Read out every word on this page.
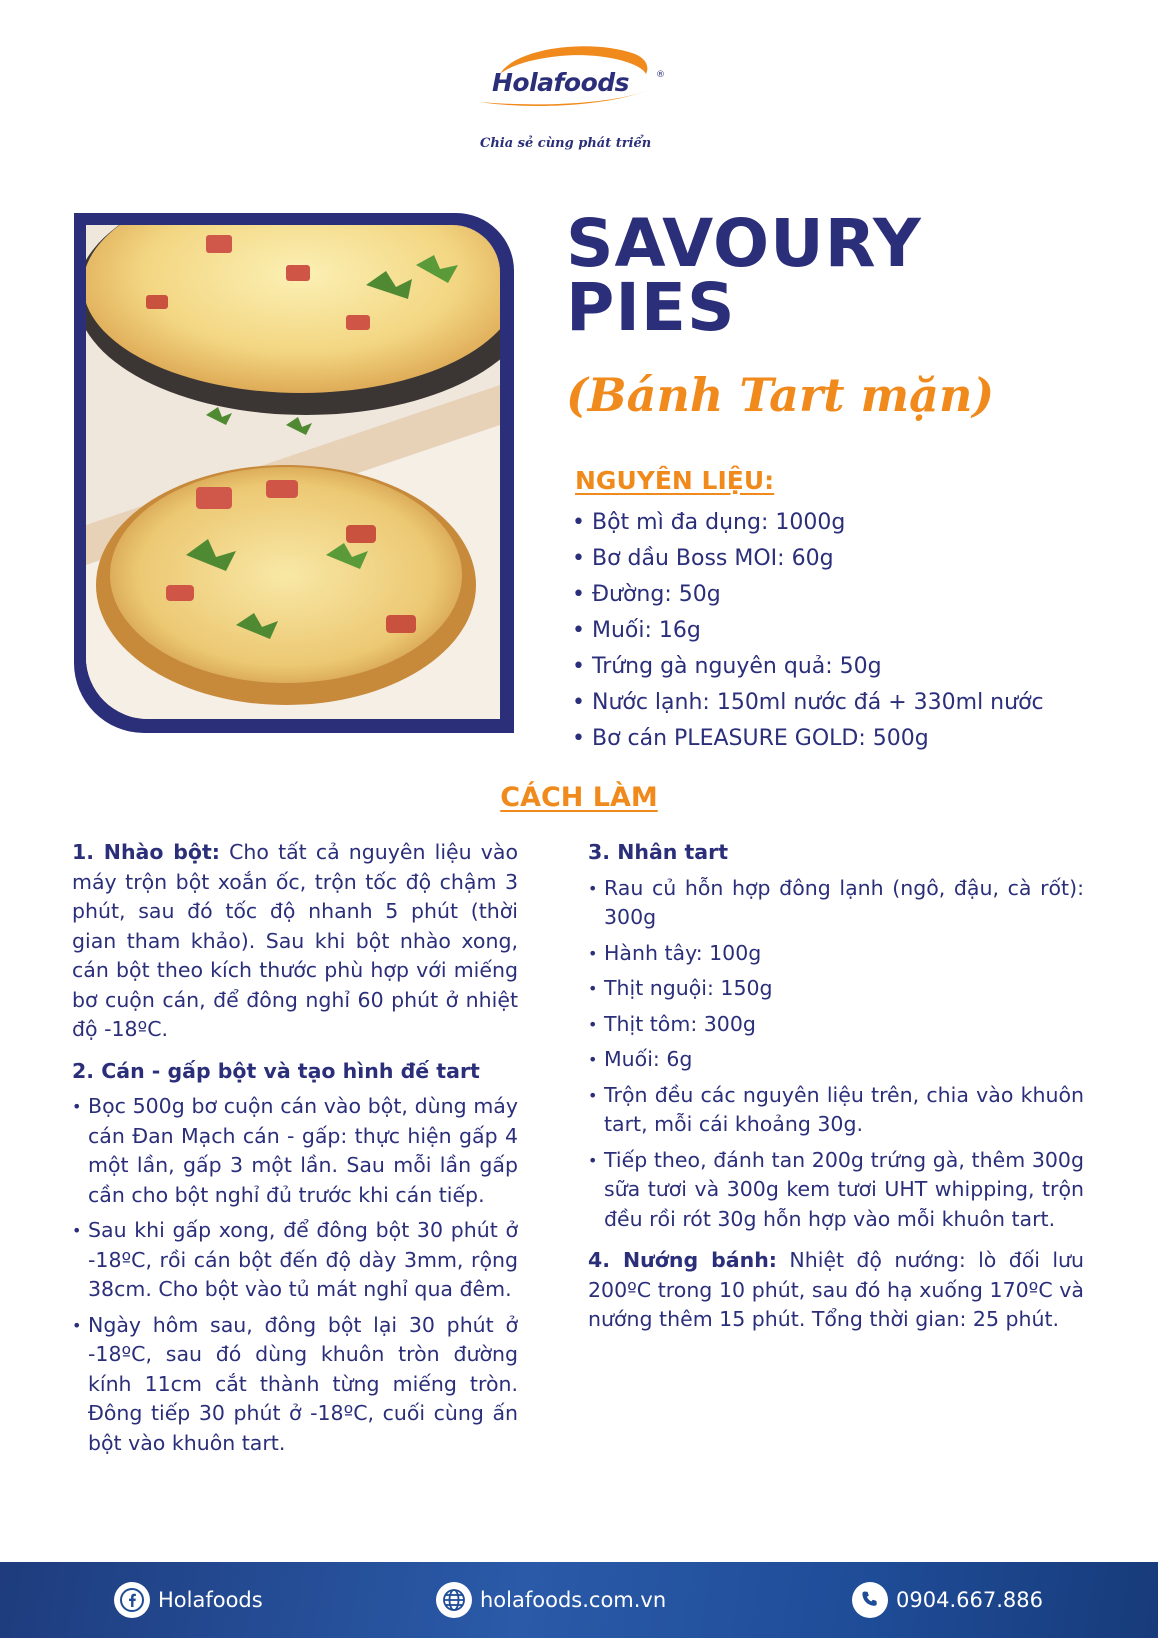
Holafoods	®
Chia sẻ cùng phát triển
SAVOURY
PIES
(Bánh Tart mặn)
NGUYÊN LIỆU:
• Bột mì đa dụng: 1000g
• Bơ dầu Boss MOI: 60g
• Đường: 50g
• Muối: 16g
• Trứng gà nguyên quả: 50g
• Nước lạnh: 150ml nước đá + 330ml nước
• Bơ cán PLEASURE GOLD: 500g
CÁCH LÀM

1. Nhào bột: Cho tất cả nguyên liệu vào máy trộn bột xoắn ốc, trộn tốc độ chậm 3 phút, sau đó tốc độ nhanh 5 phút (thời gian tham khảo). Sau khi bột nhào xong, cán bột theo kích thước phù hợp với miếng bơ cuộn cán, để đông nghỉ 60 phút ở nhiệt độ -18ºC.

2. Cán - gấp bột và tạo hình đế tart
• Bọc 500g bơ cuộn cán vào bột, dùng máy cán Đan Mạch cán - gấp: thực hiện gấp 4 một lần, gấp 3 một lần. Sau mỗi lần gấp cần cho bột nghỉ đủ trước khi cán tiếp.
• Sau khi gấp xong, để đông bột 30 phút ở -18ºC, rồi cán bột đến độ dày 3mm, rộng 38cm. Cho bột vào tủ mát nghỉ qua đêm.
• Ngày hôm sau, đông bột lại 30 phút ở -18ºC, sau đó dùng khuôn tròn đường kính 11cm cắt thành từng miếng tròn. Đông tiếp 30 phút ở -18ºC, cuối cùng ấn bột vào khuôn tart.
3. Nhân tart
• Rau củ hỗn hợp đông lạnh (ngô, đậu, cà rốt): 300g
• Hành tây: 100g
• Thịt nguội: 150g
• Thịt tôm: 300g
• Muối: 6g
• Trộn đều các nguyên liệu trên, chia vào khuôn tart, mỗi cái khoảng 30g.
• Tiếp theo, đánh tan 200g trứng gà, thêm 300g sữa tươi và 300g kem tươi UHT whipping, trộn đều rồi rót 30g hỗn hợp vào mỗi khuôn tart.

4. Nướng bánh: Nhiệt độ nướng: lò đối lưu 200ºC trong 10 phút, sau đó hạ xuống 170ºC và nướng thêm 15 phút. Tổng thời gian: 25 phút.

Holafoods	holafoods.com.vn	0904.667.886
